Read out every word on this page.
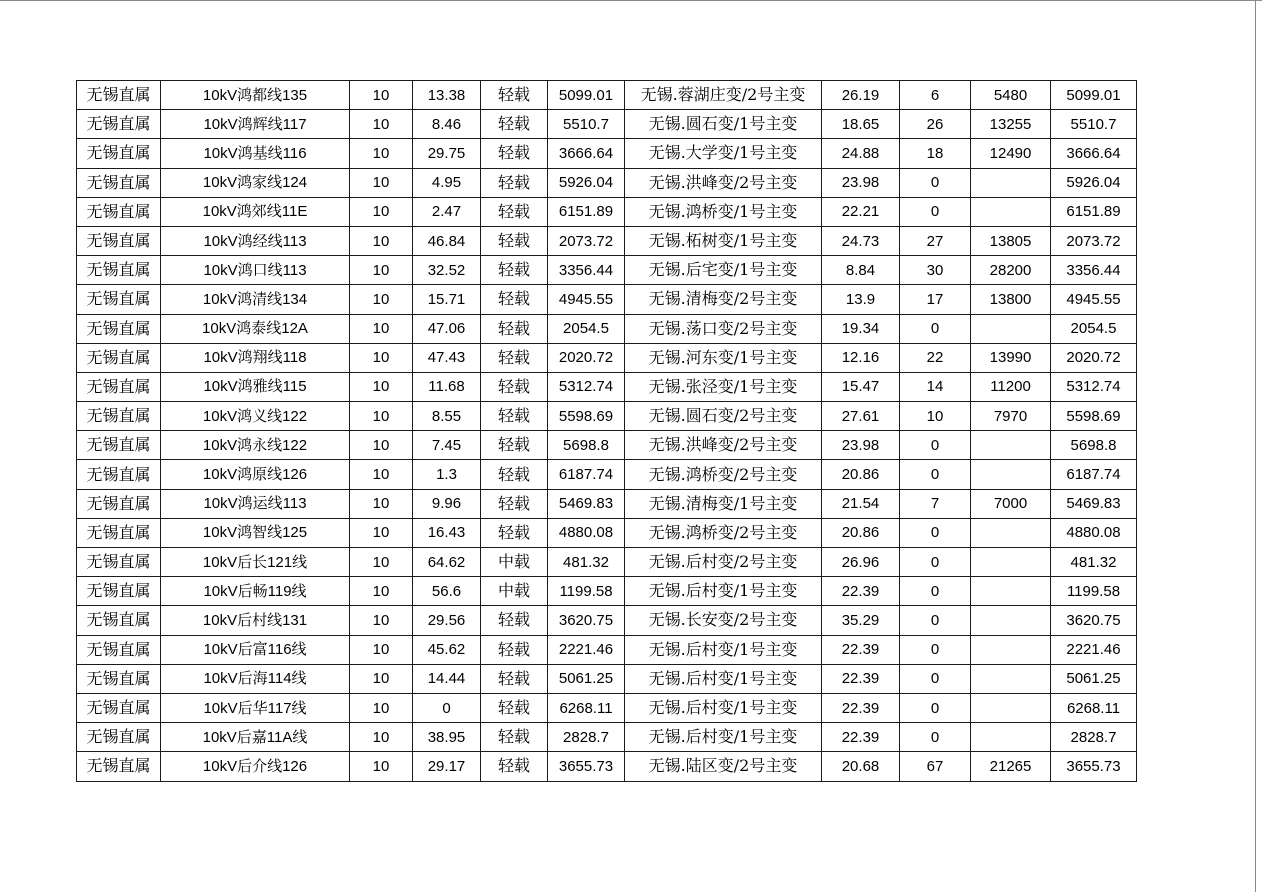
无锡直属	10kV鸿都线135	10	13.38	轻载	5099.01	无锡.蓉湖庄变/2号主变	26.19	6	5480	5099.01
无锡直属	10kV鸿辉线117	10	8.46	轻载	5510.7	无锡.圆石变/1号主变	18.65	26	13255	5510.7
无锡直属	10kV鸿基线116	10	29.75	轻载	3666.64	无锡.大学变/1号主变	24.88	18	12490	3666.64
无锡直属	10kV鸿家线124	10	4.95	轻载	5926.04	无锡.洪峰变/2号主变	23.98	0		5926.04
无锡直属	10kV鸿郊线11E	10	2.47	轻载	6151.89	无锡.鸿桥变/1号主变	22.21	0		6151.89
无锡直属	10kV鸿经线113	10	46.84	轻载	2073.72	无锡.柘树变/1号主变	24.73	27	13805	2073.72
无锡直属	10kV鸿口线113	10	32.52	轻载	3356.44	无锡.后宅变/1号主变	8.84	30	28200	3356.44
无锡直属	10kV鸿清线134	10	15.71	轻载	4945.55	无锡.清梅变/2号主变	13.9	17	13800	4945.55
无锡直属	10kV鸿泰线12A	10	47.06	轻载	2054.5	无锡.荡口变/2号主变	19.34	0		2054.5
无锡直属	10kV鸿翔线118	10	47.43	轻载	2020.72	无锡.河东变/1号主变	12.16	22	13990	2020.72
无锡直属	10kV鸿雅线115	10	11.68	轻载	5312.74	无锡.张泾变/1号主变	15.47	14	11200	5312.74
无锡直属	10kV鸿义线122	10	8.55	轻载	5598.69	无锡.圆石变/2号主变	27.61	10	7970	5598.69
无锡直属	10kV鸿永线122	10	7.45	轻载	5698.8	无锡.洪峰变/2号主变	23.98	0		5698.8
无锡直属	10kV鸿原线126	10	1.3	轻载	6187.74	无锡.鸿桥变/2号主变	20.86	0		6187.74
无锡直属	10kV鸿运线113	10	9.96	轻载	5469.83	无锡.清梅变/1号主变	21.54	7	7000	5469.83
无锡直属	10kV鸿智线125	10	16.43	轻载	4880.08	无锡.鸿桥变/2号主变	20.86	0		4880.08
无锡直属	10kV后长121线	10	64.62	中载	481.32	无锡.后村变/2号主变	26.96	0		481.32
无锡直属	10kV后畅119线	10	56.6	中载	1199.58	无锡.后村变/1号主变	22.39	0		1199.58
无锡直属	10kV后村线131	10	29.56	轻载	3620.75	无锡.长安变/2号主变	35.29	0		3620.75
无锡直属	10kV后富116线	10	45.62	轻载	2221.46	无锡.后村变/1号主变	22.39	0		2221.46
无锡直属	10kV后海114线	10	14.44	轻载	5061.25	无锡.后村变/1号主变	22.39	0		5061.25
无锡直属	10kV后华117线	10	0	轻载	6268.11	无锡.后村变/1号主变	22.39	0		6268.11
无锡直属	10kV后嘉11A线	10	38.95	轻载	2828.7	无锡.后村变/1号主变	22.39	0		2828.7
无锡直属	10kV后介线126	10	29.17	轻载	3655.73	无锡.陆区变/2号主变	20.68	67	21265	3655.73
